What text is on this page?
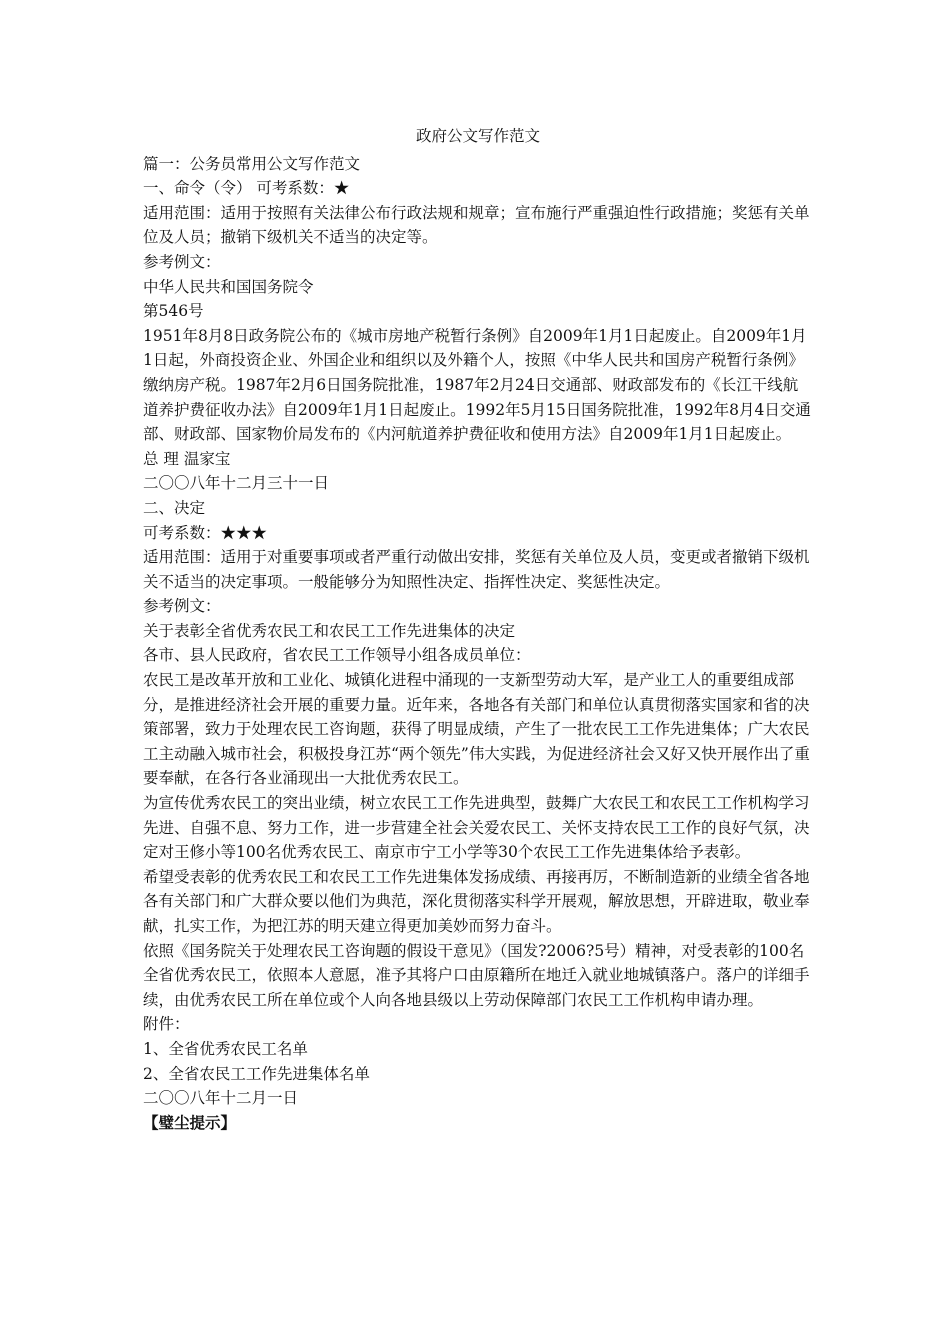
政府公文写作范文

篇一：公务员常用公文写作范文

一、命令（令） 可考系数：★

适用范围：适用于按照有关法律公布行政法规和规章；宣布施行严重强迫性行政措施；奖惩有关单位及人员；撤销下级机关不适当的决定等。

参考例文：

中华人民共和国国务院令

第546号

1951年8月8日政务院公布的《城市房地产税暂行条例》自2009年1月1日起废止。自2009年1月1日起，外商投资企业、外国企业和组织以及外籍个人，按照《中华人民共和国房产税暂行条例》缴纳房产税。1987年2月6日国务院批准，1987年2月24日交通部、财政部发布的《长江干线航道养护费征收办法》自2009年1月1日起废止。1992年5月15日国务院批准，1992年8月4日交通部、财政部、国家物价局发布的《内河航道养护费征收和使用方法》自2009年1月1日起废止。

总 理 温家宝

二〇〇八年十二月三十一日

二、决定

可考系数：★★★

适用范围：适用于对重要事项或者严重行动做出安排，奖惩有关单位及人员，变更或者撤销下级机关不适当的决定事项。一般能够分为知照性决定、指挥性决定、奖惩性决定。

参考例文：

关于表彰全省优秀农民工和农民工工作先进集体的决定

各市、县人民政府，省农民工工作领导小组各成员单位：

农民工是改革开放和工业化、城镇化进程中涌现的一支新型劳动大军，是产业工人的重要组成部分，是推进经济社会开展的重要力量。近年来，各地各有关部门和单位认真贯彻落实国家和省的决策部署，致力于处理农民工咨询题，获得了明显成绩，产生了一批农民工工作先进集体；广大农民工主动融入城市社会，积极投身江苏“两个领先”伟大实践，为促进经济社会又好又快开展作出了重要奉献，在各行各业涌现出一大批优秀农民工。

为宣传优秀农民工的突出业绩，树立农民工工作先进典型，鼓舞广大农民工和农民工工作机构学习先进、自强不息、努力工作，进一步营建全社会关爱农民工、关怀支持农民工工作的良好气氛，决定对王修小等100名优秀农民工、南京市宁工小学等30个农民工工作先进集体给予表彰。

希望受表彰的优秀农民工和农民工工作先进集体发扬成绩、再接再厉，不断制造新的业绩全省各地各有关部门和广大群众要以他们为典范，深化贯彻落实科学开展观，解放思想，开辟进取，敬业奉献，扎实工作，为把江苏的明天建立得更加美妙而努力奋斗。

依照《国务院关于处理农民工咨询题的假设干意见》（国发?2006?5号）精神，对受表彰的100名全省优秀农民工，依照本人意愿，准予其将户口由原籍所在地迁入就业地城镇落户。落户的详细手续，由优秀农民工所在单位或个人向各地县级以上劳动保障部门农民工工作机构申请办理。

附件：

1、全省优秀农民工名单

2、全省农民工工作先进集体名单

二〇〇八年十二月一日

【璧尘提示】
